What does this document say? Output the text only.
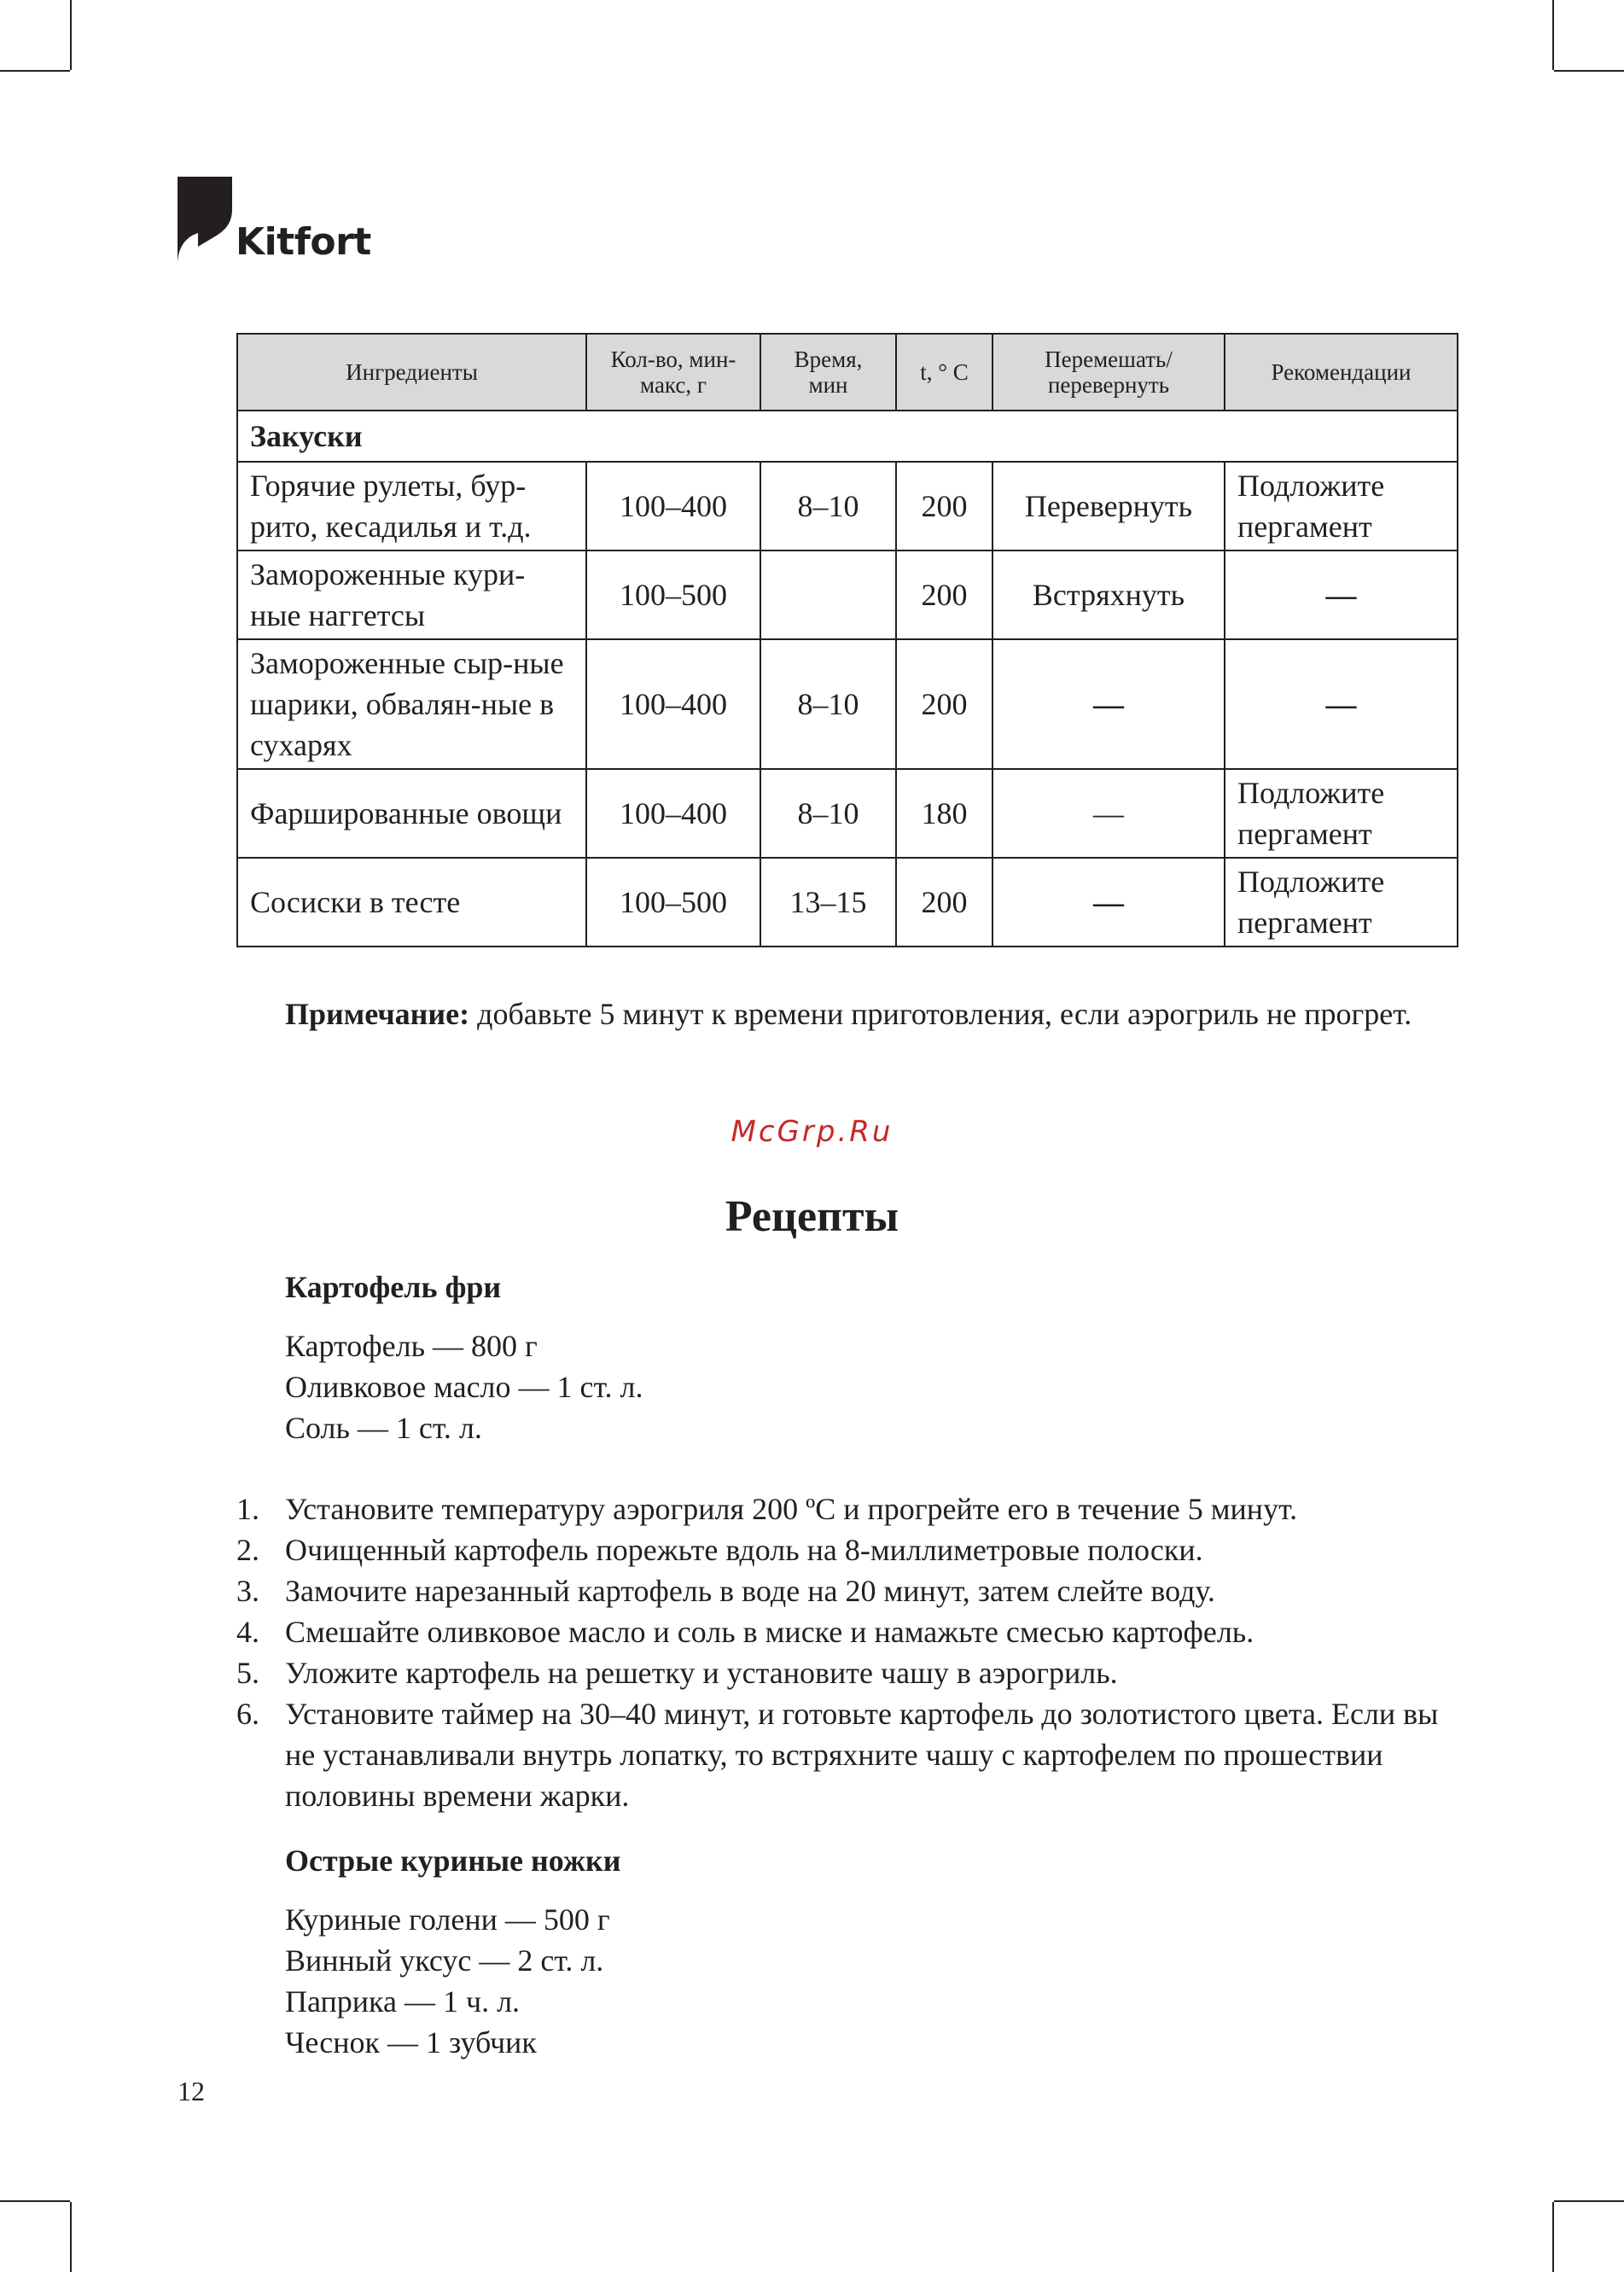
Kitfort
Ингредиенты	Кол-во, мин-макс, г	Время, мин	t, ° C	Перемешать/ перевернуть	Рекомендации
Закуски					
Горячие рулеты, бур-рито, кесадилья и т.д.	100–400	8–10	200	Перевернуть	Подложите пергамент
Замороженные кури-ные наггетсы	100–500		200	Встряхнуть	—
Замороженные сыр-ные шарики, обвалян-ные в сухарях	100–400	8–10	200	—	—
Фаршированные овощи	100–400	8–10	180	—	Подложите пергамент
Сосиски в тесте	100–500	13–15	200	—	Подложите пергамент

Примечание: добавьте 5 минут к времени приготовления, если аэрогриль не прогрет.

McGrp.Ru
Рецепты
Картофель фри
Картофель — 800 г
Оливковое масло — 1 ст. л.
Соль — 1 ст. л.
1. Установите температуру аэрогриля 200 ºС и прогрейте его в течение 5 минут.
2. Очищенный картофель порежьте вдоль на 8-миллиметровые полоски.
3. Замочите нарезанный картофель в воде на 20 минут, затем слейте воду.
4. Смешайте оливковое масло и соль в миске и намажьте смесью картофель.
5. Уложите картофель на решетку и установите чашу в аэрогриль.
6. Установите таймер на 30–40 минут, и готовьте картофель до золотистого цвета. Если вы не устанавливали внутрь лопатку, то встряхните чашу с картофелем по прошествии половины времени жарки.
Острые куриные ножки
Куриные голени — 500 г
Винный уксус — 2 ст. л.
Паприка — 1 ч. л.
Чеснок — 1 зубчик
12
